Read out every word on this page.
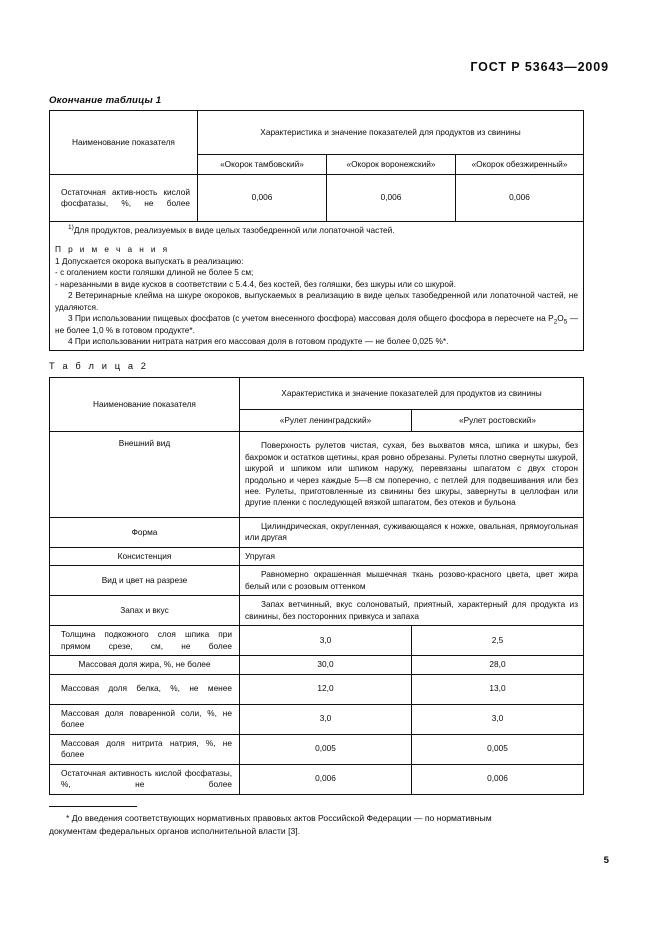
ГОСТ Р 53643—2009
Окончание таблицы 1
Наименование показателя	Характеристика и значение показателей для продуктов из свинины		
	«Окорок тамбовский»	«Окорок воронежский»	«Окорок обезжиренный»
Остаточная актив-ность кислой фосфатазы, %, не более	0,006	0,006	0,006

$^{1)}$Для продуктов, реализуемых в виде целых тазобедренной или лопаточной частей.

П р и м е ч а н и я

1 Допускается окорока выпускать в реализацию:

- с оголением кости голяшки длиной не более 5 см;

- нарезанными в виде кусков в соответствии с 5.4.4, без костей, без голяшки, без шкуры или со шкурой.

2 Ветеринарные клейма на шкуре окороков, выпускаемых в реализацию в виде целых тазобедренной или лопаточной частей, не удаляются.

3 При использовании пищевых фосфатов (с учетом внесенного фосфора) массовая доля общего фосфора в пересчете на $P_2O_5$ — не более 1,0 % в готовом продукте*.

4 При использовании нитрата натрия его массовая доля в готовом продукте — не более 0,025 %*.

Т а б л и ц а 2
Наименование показателя	Характеристика и значение показателей для продуктов из свинины	
	«Рулет ленинградский»	«Рулет ростовский»
Внешний вид	Поверхность рулетов чистая, сухая, без выхватов мяса, шпика и шкуры, без бахромок и остатков щетины, края ровно обрезаны. Рулеты плотно свернуты шкурой, шкурой и шпиком или шпиком наружу, перевязаны шпагатом с двух сторон продольно и через каждые 5—8 см поперечно, с петлей для подвешивания или без нее. Рулеты, приготовленные из свинины без шкуры, завернуты в целлофан или другие пленки с последующей вязкой шпагатом, без отеков и бульона	

Форма	Цилиндрическая, округленная, суживающаяся к ножке, овальная, прямоугольная или другая	

Консистенция	Упругая	

Вид и цвет на разрезе	Равномерно окрашенная мышечная ткань розово-красного цвета, цвет жира белый или с розовым оттенком	

Запах и вкус	Запах ветчинный, вкус солоноватый, приятный, характерный для продукта из свинины, без посторонних привкуса и запаха	

Толщина подкожного слоя шпика при прямом срезе, см, не более	3,0	2,5
Массовая доля жира, %, не более	30,0	28,0
Массовая доля белка, %, не менее	12,0	13,0
Массовая доля поваренной соли, %, не более	3,0	3,0
Массовая доля нитрита натрия, %, не более	0,005	0,005
Остаточная активность кислой фосфатазы, %, не более	0,006	0,006

* До введения соответствующих нормативных правовых актов Российской Федерации — по нормативным

документам федеральных органов исполнительной власти [3].

5
